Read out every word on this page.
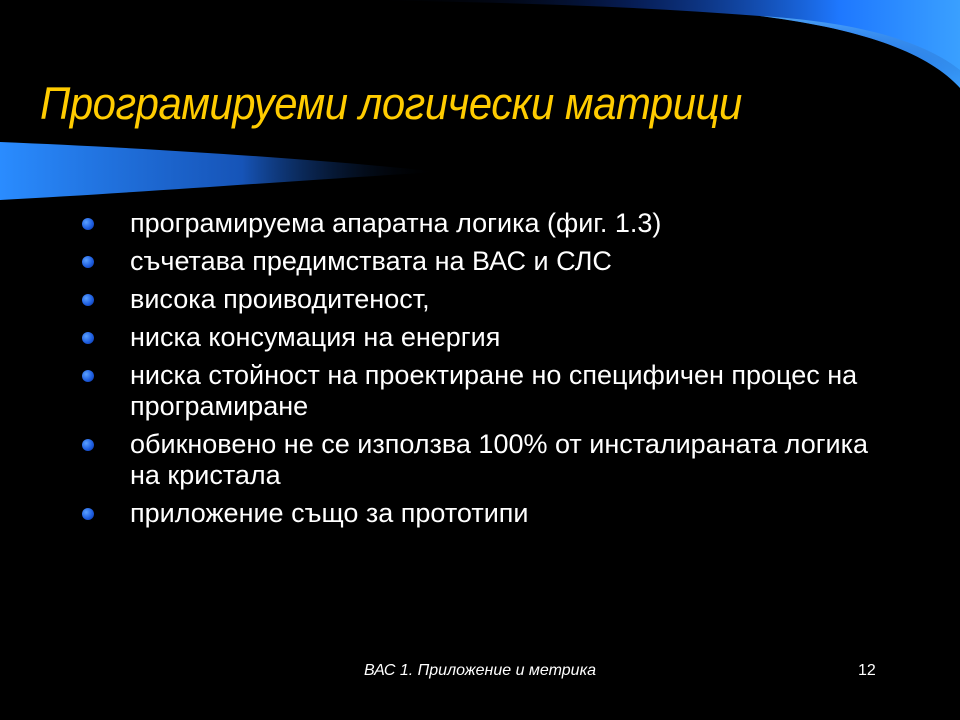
Програмируеми логически матрици
програмируема апаратна логика (фиг. 1.3)
съчетава предимствата на ВАС и СЛС
висока проиводитеност,
ниска консумация на енергия
ниска стойност на проектиране но специфичен процес на програмиране
обикновено не се използва 100% от инсталираната логика на кристала
приложение също за прототипи
ВАС 1. Приложение и метрика	12
